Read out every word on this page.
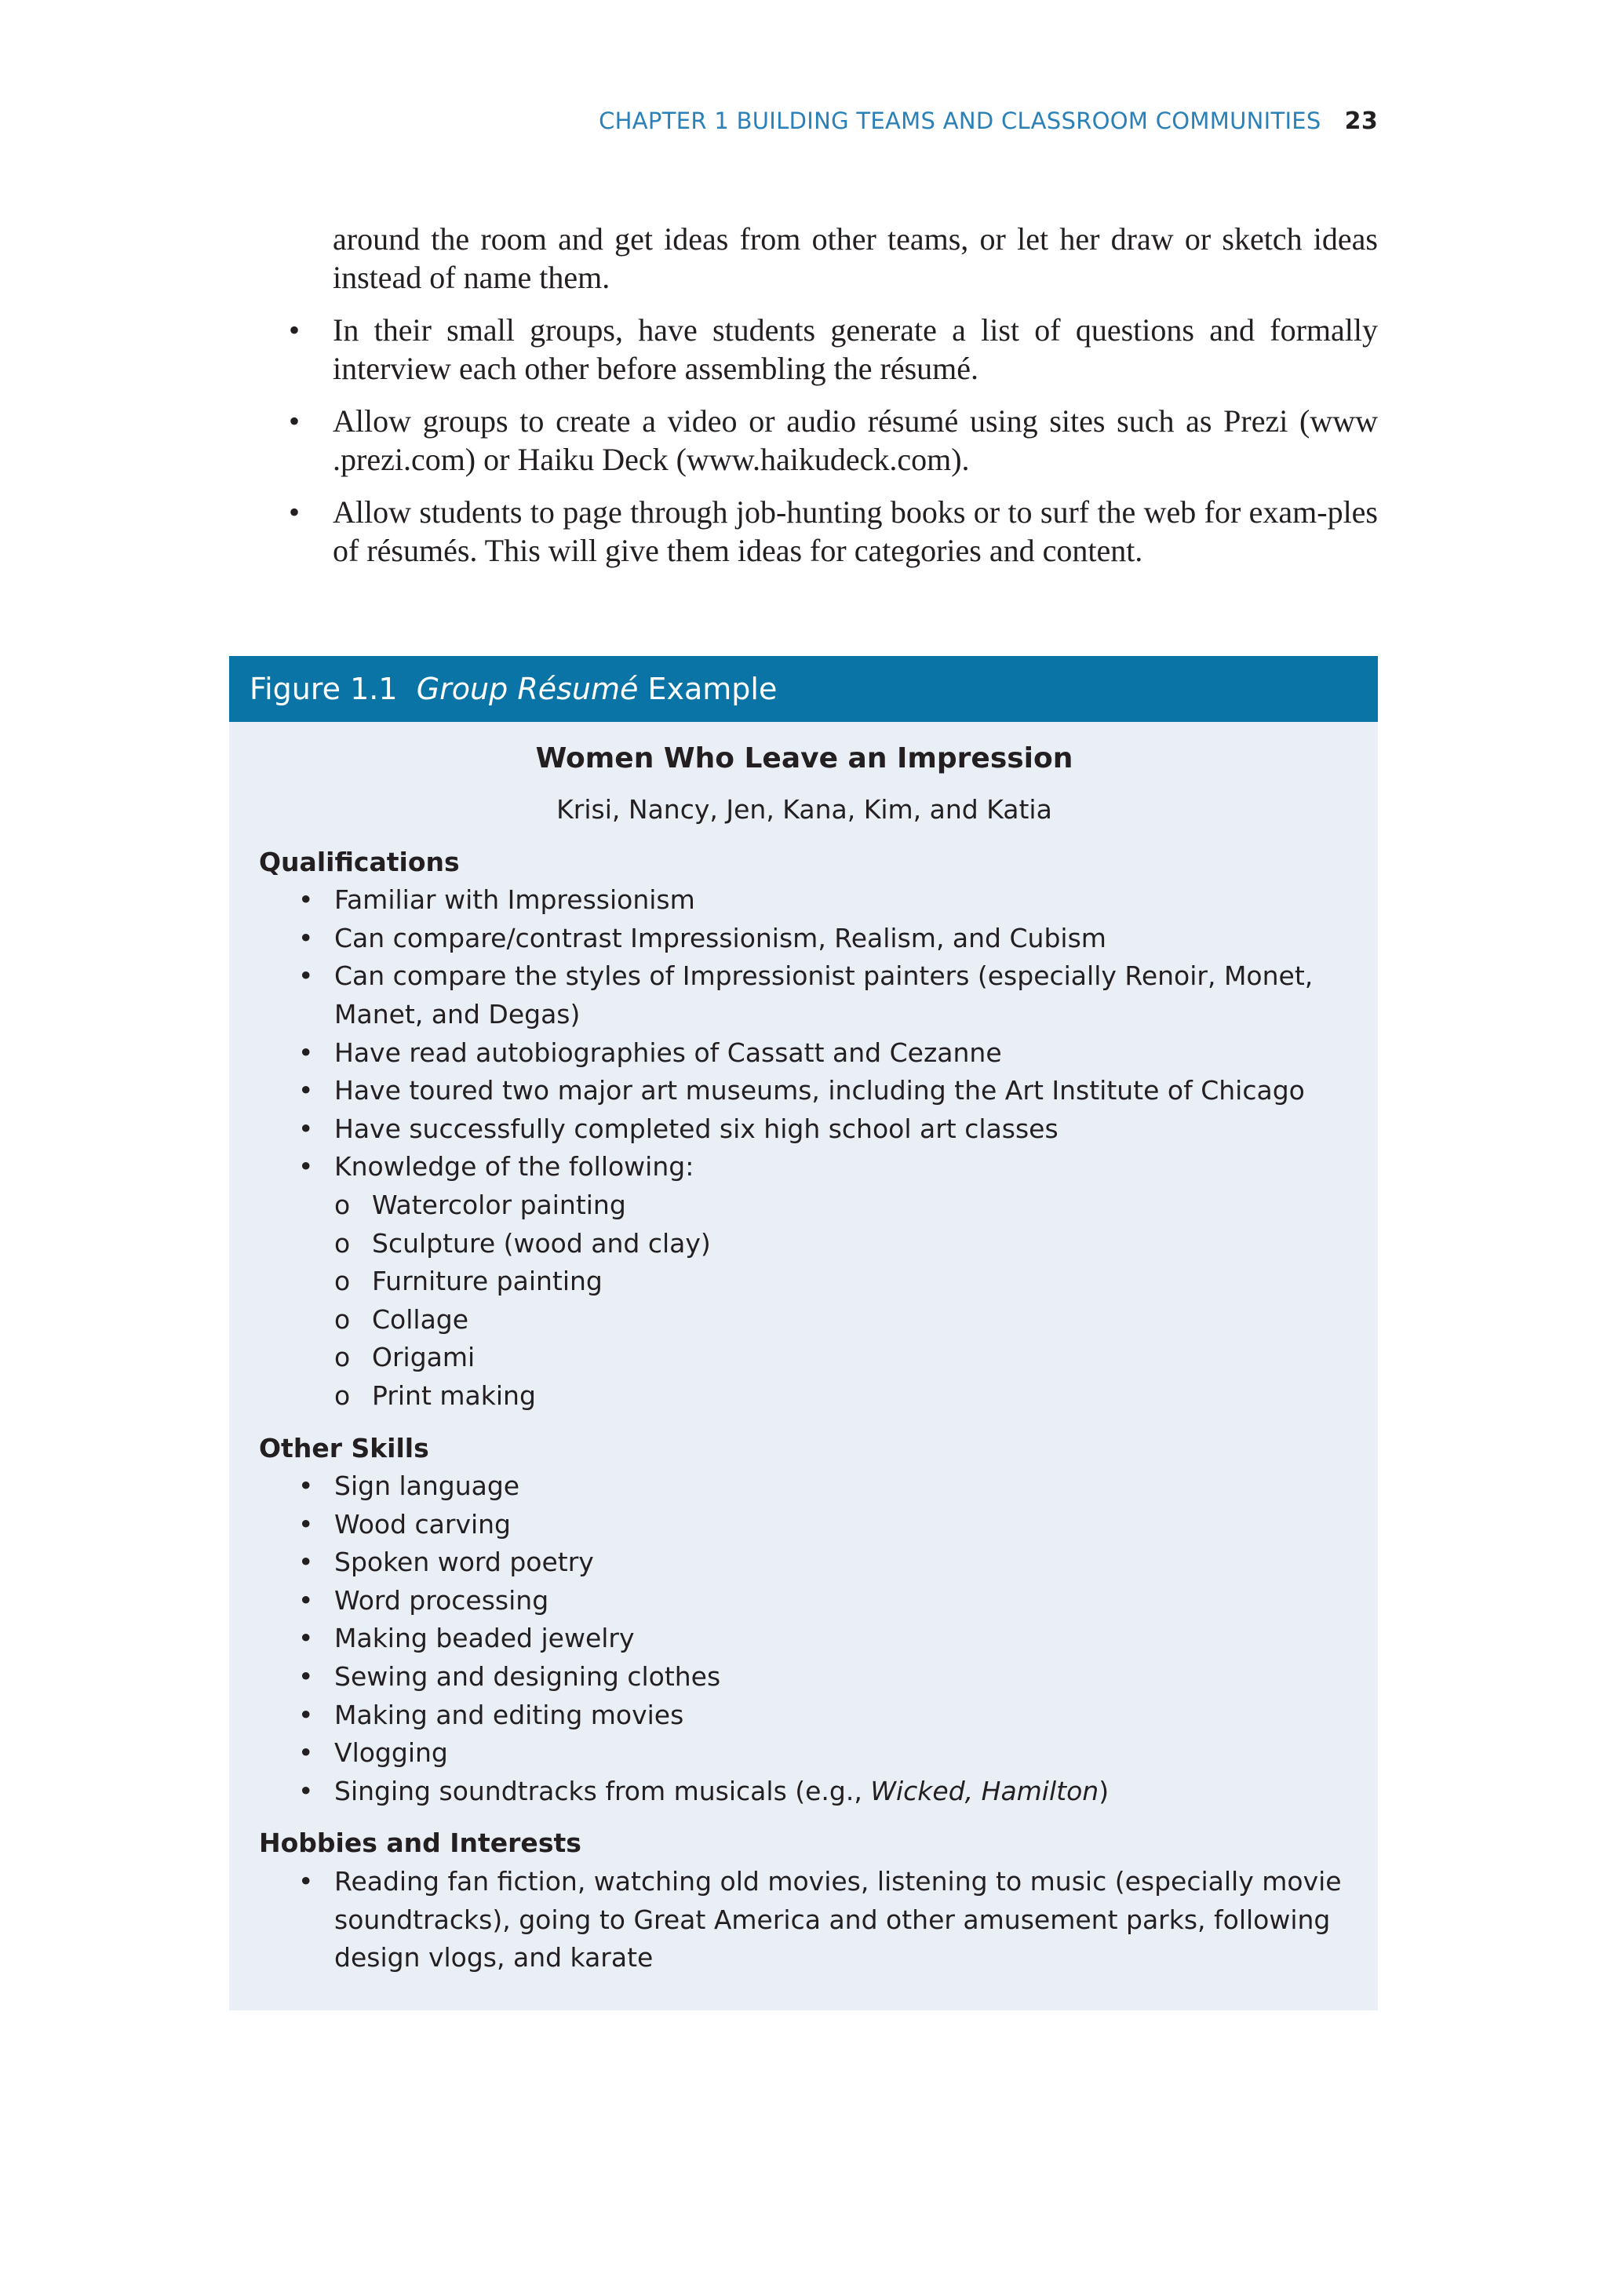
CHAPTER 1 BUILDING TEAMS AND CLASSROOM COMMUNITIES 23

around the room and get ideas from other teams, or let her draw or sketch ideas instead of name them.

• In their small groups, have students generate a list of questions and formally interview each other before assembling the résumé.
• Allow groups to create a video or audio résumé using sites such as Prezi (www .prezi.com) or Haiku Deck (www.haikudeck.com).
• Allow students to page through job-hunting books or to surf the web for exam-ples of résumés. This will give them ideas for categories and content.
Figure 1.1 Group Résumé Example
Women Who Leave an Impression
Krisi, Nancy, Jen, Kana, Kim, and Katia
Qualifications
• Familiar with Impressionism
• Can compare/contrast Impressionism, Realism, and Cubism
• Can compare the styles of Impressionist painters (especially Renoir, Monet, Manet, and Degas)
• Have read autobiographies of Cassatt and Cezanne
• Have toured two major art museums, including the Art Institute of Chicago
• Have successfully completed six high school art classes
• Knowledge of the following:
o Watercolor painting
o Sculpture (wood and clay)
o Furniture painting
o Collage
o Origami
o Print making
Other Skills
• Sign language
• Wood carving
• Spoken word poetry
• Word processing
• Making beaded jewelry
• Sewing and designing clothes
• Making and editing movies
• Vlogging
• Singing soundtracks from musicals (e.g., Wicked, Hamilton)
Hobbies and Interests
• Reading fan fiction, watching old movies, listening to music (especially movie soundtracks), going to Great America and other amusement parks, following design vlogs, and karate
